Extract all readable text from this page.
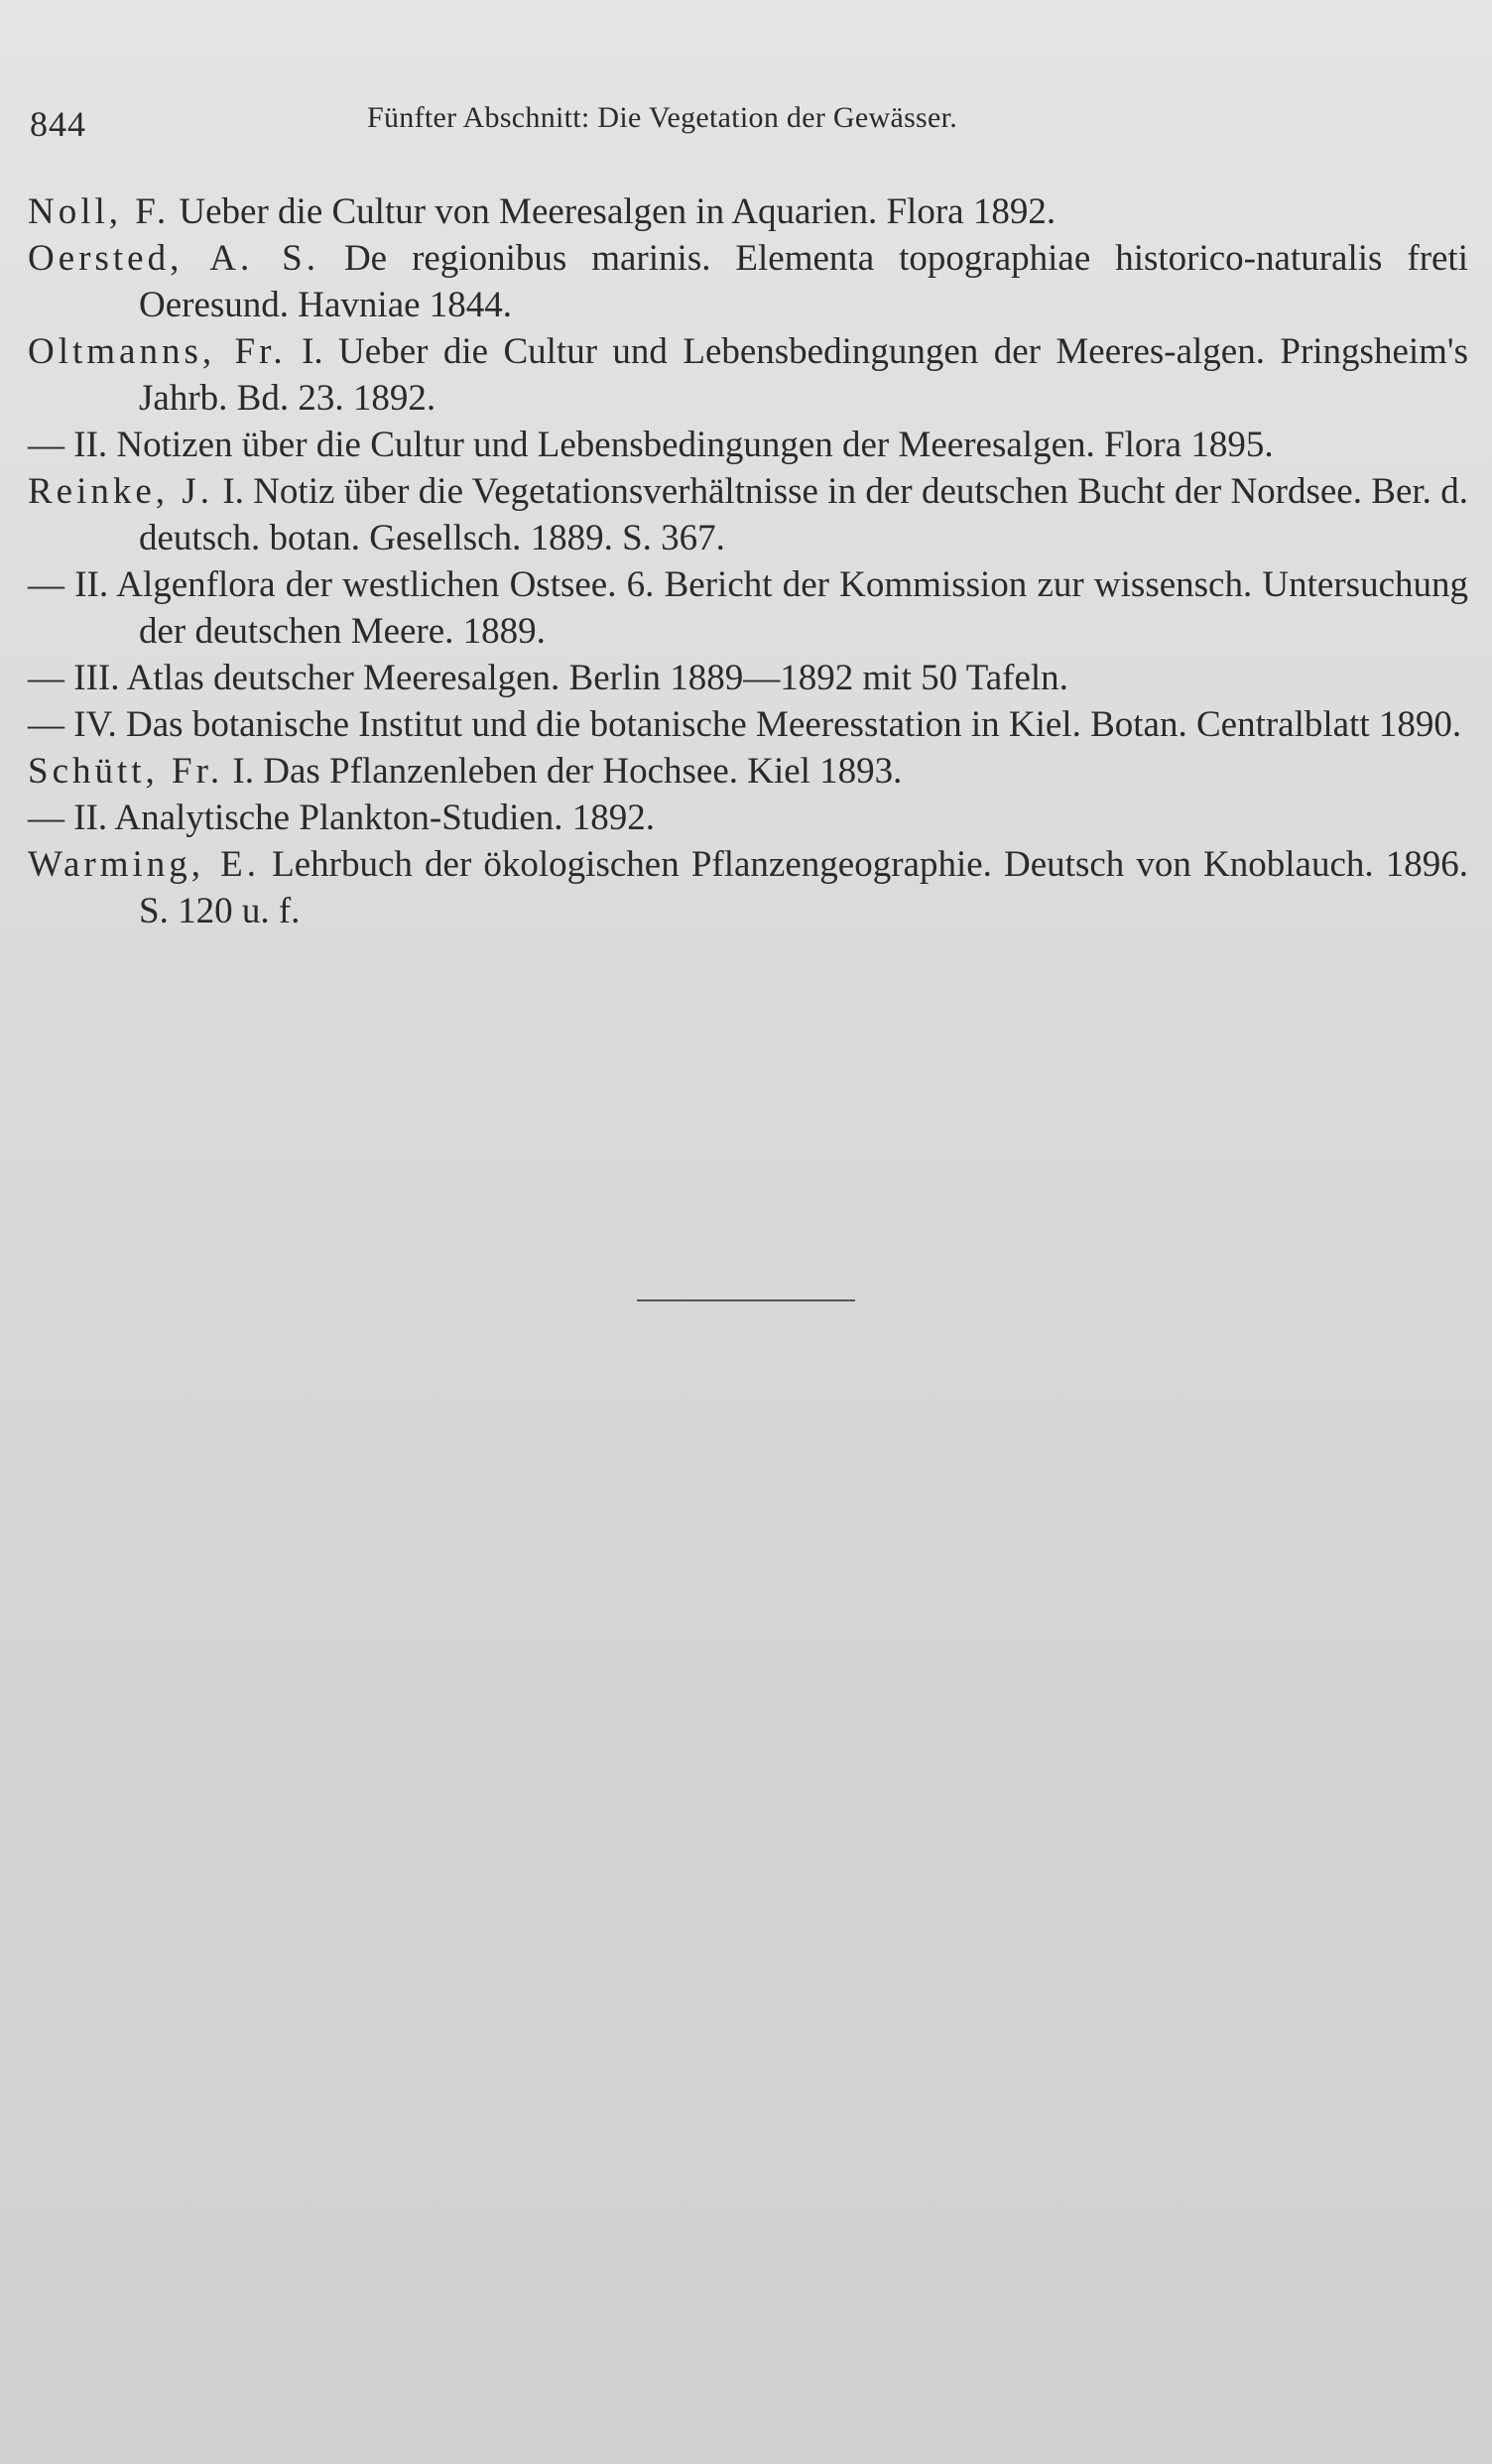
844	Fünfter Abschnitt: Die Vegetation der Gewässer.

Noll, F. Ueber die Cultur von Meeresalgen in Aquarien. Flora 1892.

Oersted, A. S. De regionibus marinis. Elementa topographiae historico-naturalis freti Oeresund. Havniae 1844.

Oltmanns, Fr. I. Ueber die Cultur und Lebensbedingungen der Meeres-algen. Pringsheim's Jahrb. Bd. 23. 1892.

— II. Notizen über die Cultur und Lebensbedingungen der Meeresalgen. Flora 1895.

Reinke, J. I. Notiz über die Vegetationsverhältnisse in der deutschen Bucht der Nordsee. Ber. d. deutsch. botan. Gesellsch. 1889. S. 367.

— II. Algenflora der westlichen Ostsee. 6. Bericht der Kommission zur wissensch. Untersuchung der deutschen Meere. 1889.

— III. Atlas deutscher Meeresalgen. Berlin 1889—1892 mit 50 Tafeln.

— IV. Das botanische Institut und die botanische Meeresstation in Kiel. Botan. Centralblatt 1890.

Schütt, Fr. I. Das Pflanzenleben der Hochsee. Kiel 1893.

— II. Analytische Plankton-Studien. 1892.

Warming, E. Lehrbuch der ökologischen Pflanzengeographie. Deutsch von Knoblauch. 1896. S. 120 u. f.
